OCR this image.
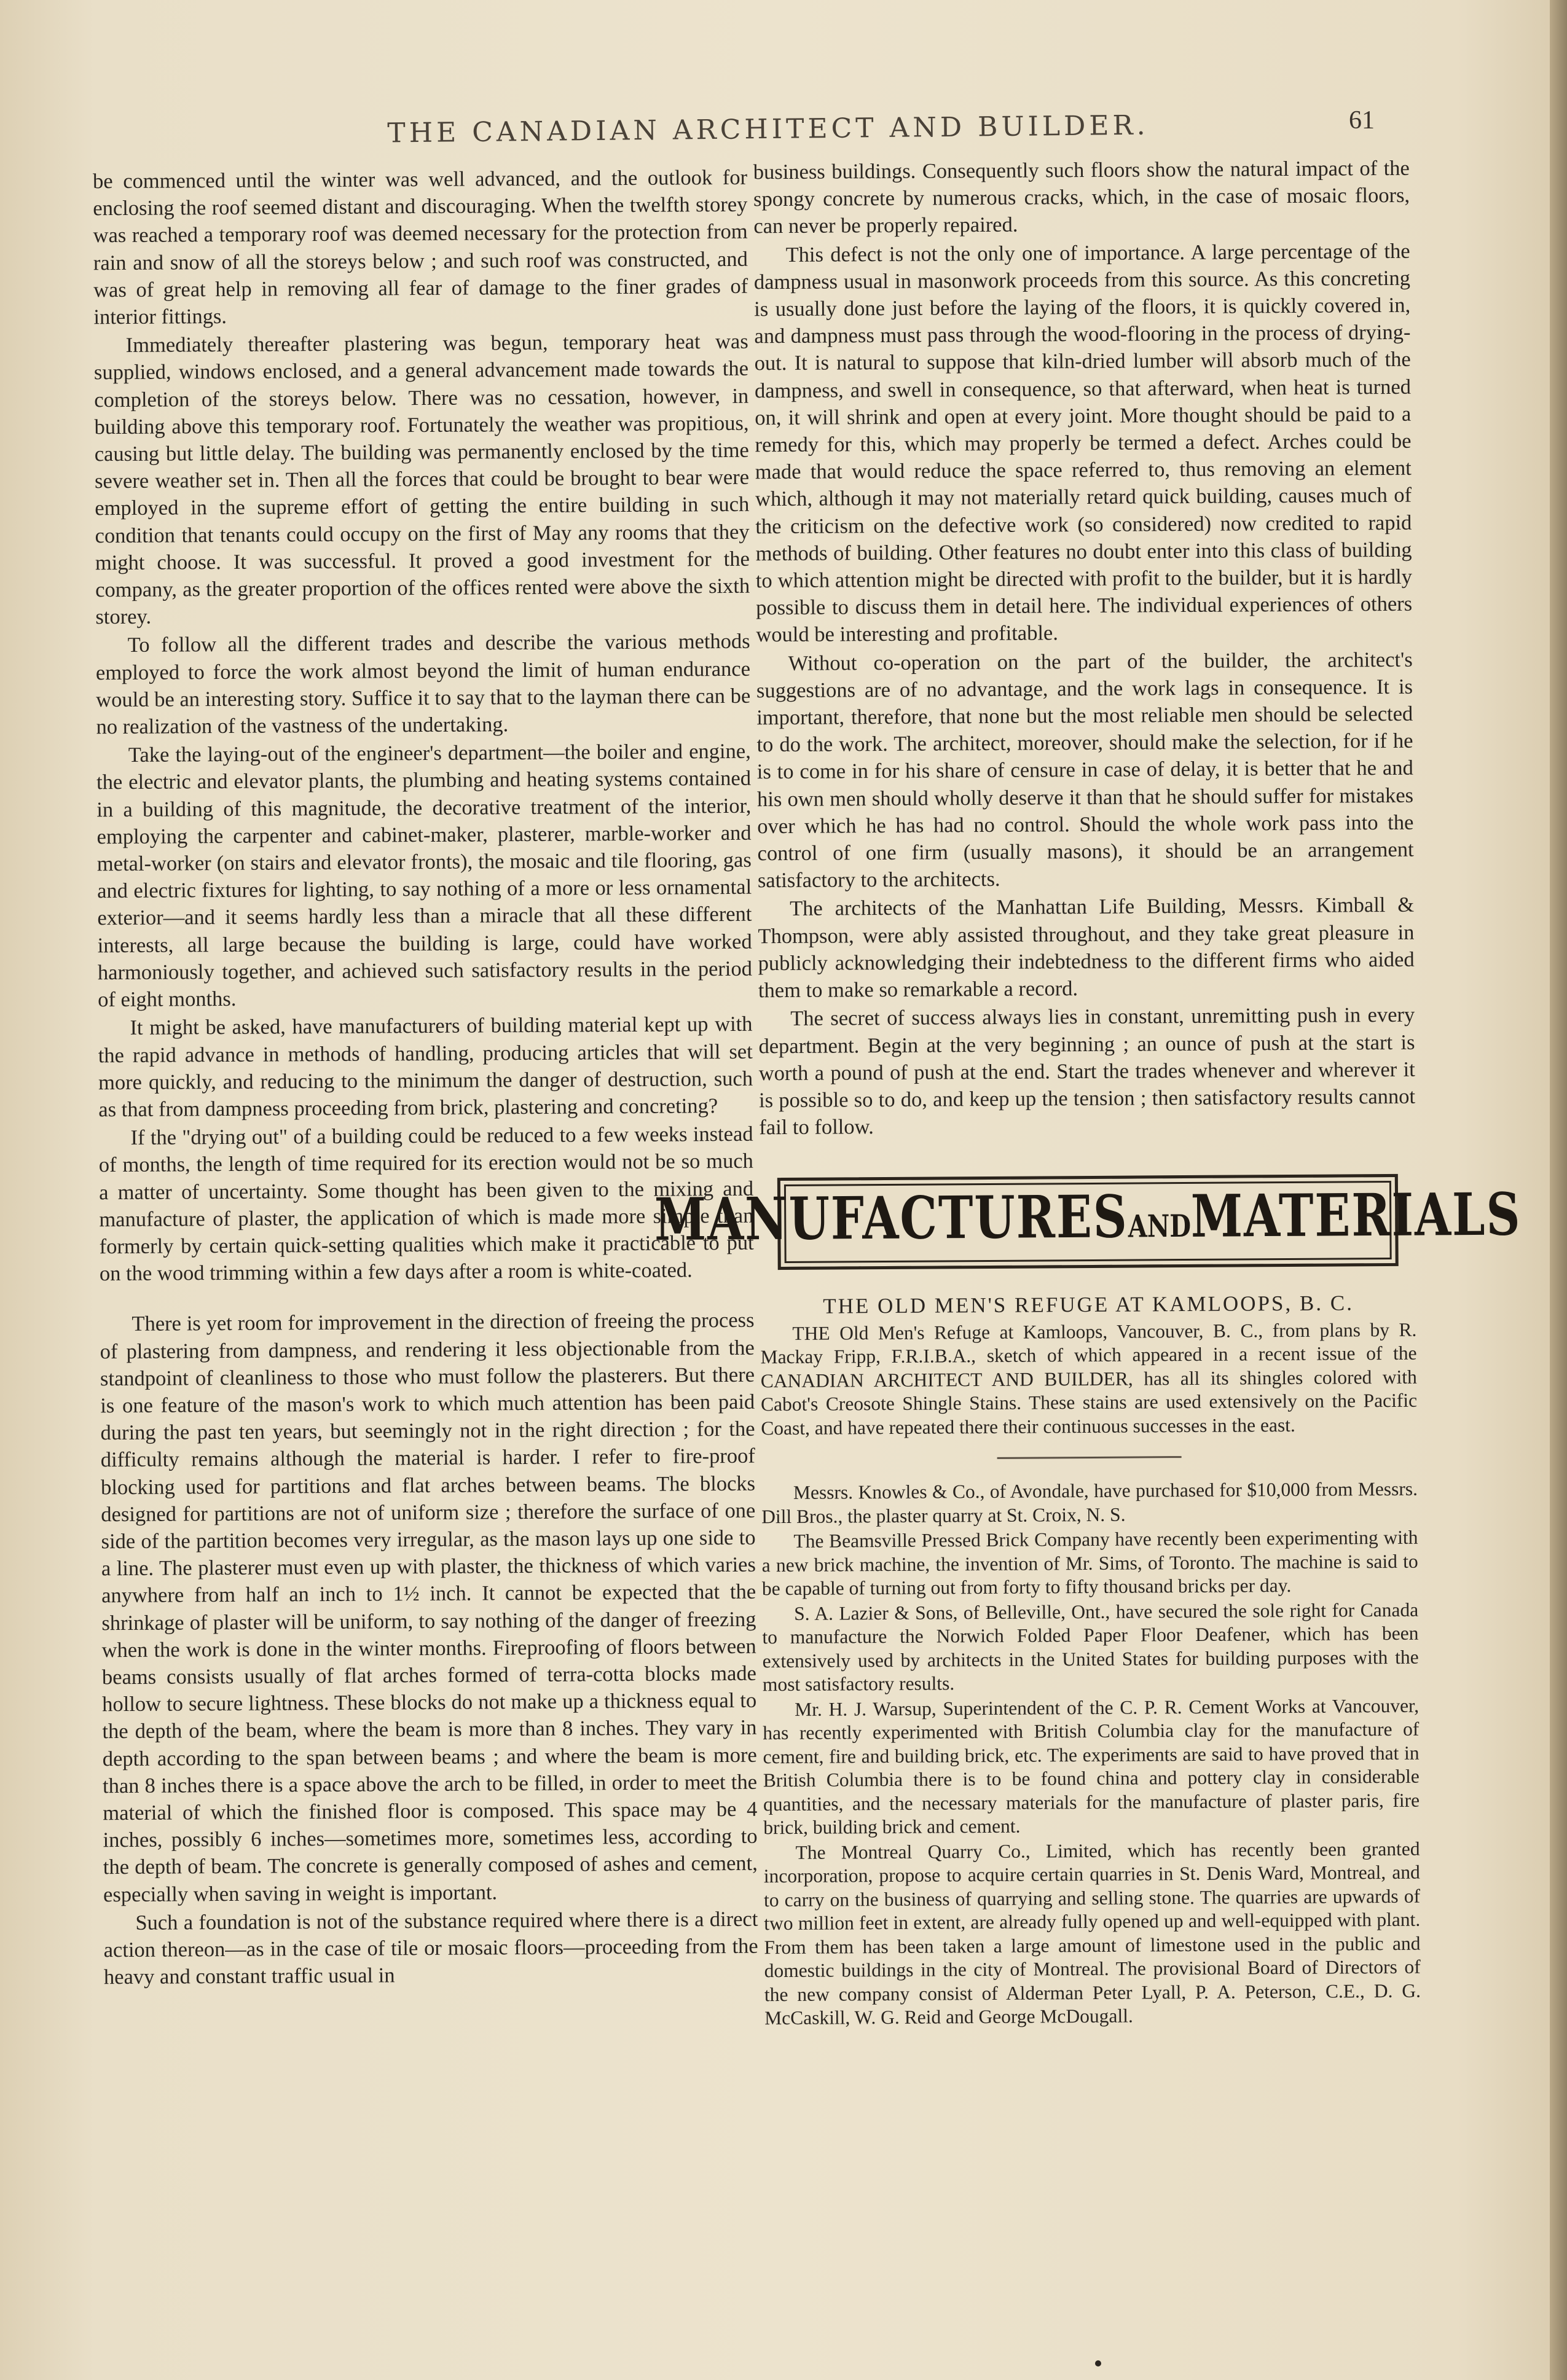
THE CANADIAN ARCHITECT AND BUILDER.	61

be commenced until the winter was well advanced, and the outlook for enclosing the roof seemed distant and discouraging. When the twelfth storey was reached a temporary roof was deemed necessary for the protection from rain and snow of all the storeys below ; and such roof was constructed, and was of great help in removing all fear of damage to the finer grades of interior fittings.

Immediately thereafter plastering was begun, temporary heat was supplied, windows enclosed, and a general advancement made towards the completion of the storeys below. There was no cessation, however, in building above this temporary roof. Fortunately the weather was propitious, causing but little delay. The building was permanently enclosed by the time severe weather set in. Then all the forces that could be brought to bear were employed in the supreme effort of getting the entire building in such condition that tenants could occupy on the first of May any rooms that they might choose. It was successful. It proved a good investment for the company, as the greater proportion of the offices rented were above the sixth storey.

To follow all the different trades and describe the various methods employed to force the work almost beyond the limit of human endurance would be an interesting story. Suffice it to say that to the layman there can be no realization of the vastness of the undertaking.

Take the laying-out of the engineer's department—the boiler and engine, the electric and elevator plants, the plumbing and heating systems contained in a building of this magnitude, the decorative treatment of the interior, employing the carpenter and cabinet-maker, plasterer, marble-worker and metal-worker (on stairs and elevator fronts), the mosaic and tile flooring, gas and electric fixtures for lighting, to say nothing of a more or less ornamental exterior—and it seems hardly less than a miracle that all these different interests, all large because the building is large, could have worked harmoniously together, and achieved such satisfactory results in the period of eight months.

It might be asked, have manufacturers of building material kept up with the rapid advance in methods of handling, producing articles that will set more quickly, and reducing to the minimum the danger of destruction, such as that from dampness proceeding from brick, plastering and concreting?

If the "drying out" of a building could be reduced to a few weeks instead of months, the length of time required for its erection would not be so much a matter of uncertainty. Some thought has been given to the mixing and manufacture of plaster, the application of which is made more simple than formerly by certain quick-setting qualities which make it practicable to put on the wood trimming within a few days after a room is white-coated.

There is yet room for improvement in the direction of freeing the process of plastering from dampness, and rendering it less objectionable from the standpoint of cleanliness to those who must follow the plasterers. But there is one feature of the mason's work to which much attention has been paid during the past ten years, but seemingly not in the right direction ; for the difficulty remains although the material is harder. I refer to fire-proof blocking used for partitions and flat arches between beams. The blocks designed for partitions are not of uniform size ; therefore the surface of one side of the partition becomes very irregular, as the mason lays up one side to a line. The plasterer must even up with plaster, the thickness of which varies anywhere from half an inch to 1½ inch. It cannot be expected that the shrinkage of plaster will be uniform, to say nothing of the danger of freezing when the work is done in the winter months. Fireproofing of floors between beams consists usually of flat arches formed of terra-cotta blocks made hollow to secure lightness. These blocks do not make up a thickness equal to the depth of the beam, where the beam is more than 8 inches. They vary in depth according to the span between beams ; and where the beam is more than 8 inches there is a space above the arch to be filled, in order to meet the material of which the finished floor is composed. This space may be 4 inches, possibly 6 inches—sometimes more, sometimes less, according to the depth of beam. The concrete is generally composed of ashes and cement, especially when saving in weight is important.

Such a foundation is not of the substance required where there is a direct action thereon—as in the case of tile or mosaic floors—proceeding from the heavy and constant traffic usual in

business buildings. Consequently such floors show the natural impact of the spongy concrete by numerous cracks, which, in the case of mosaic floors, can never be properly repaired.

This defect is not the only one of importance. A large percentage of the dampness usual in masonwork proceeds from this source. As this concreting is usually done just before the laying of the floors, it is quickly covered in, and dampness must pass through the wood-flooring in the process of drying-out. It is natural to suppose that kiln-dried lumber will absorb much of the dampness, and swell in consequence, so that afterward, when heat is turned on, it will shrink and open at every joint. More thought should be paid to a remedy for this, which may properly be termed a defect. Arches could be made that would reduce the space referred to, thus removing an element which, although it may not materially retard quick building, causes much of the criticism on the defective work (so considered) now credited to rapid methods of building. Other features no doubt enter into this class of building to which attention might be directed with profit to the builder, but it is hardly possible to discuss them in detail here. The individual experiences of others would be interesting and profitable.

Without co-operation on the part of the builder, the architect's suggestions are of no advantage, and the work lags in consequence. It is important, therefore, that none but the most reliable men should be selected to do the work. The architect, moreover, should make the selection, for if he is to come in for his share of censure in case of delay, it is better that he and his own men should wholly deserve it than that he should suffer for mistakes over which he has had no control. Should the whole work pass into the control of one firm (usually masons), it should be an arrangement satisfactory to the architects.

The architects of the Manhattan Life Building, Messrs. Kimball & Thompson, were ably assisted throughout, and they take great pleasure in publicly acknowledging their indebtedness to the different firms who aided them to make so remarkable a record.

The secret of success always lies in constant, unremitting push in every department. Begin at the very beginning ; an ounce of push at the start is worth a pound of push at the end. Start the trades whenever and wherever it is possible so to do, and keep up the tension ; then satisfactory results cannot fail to follow.

MANUFACTURESANDMATERIALS

THE OLD MEN'S REFUGE AT KAMLOOPS, B. C.

THE Old Men's Refuge at Kamloops, Vancouver, B. C., from plans by R. Mackay Fripp, F.R.I.B.A., sketch of which appeared in a recent issue of the CANADIAN ARCHITECT AND BUILDER, has all its shingles colored with Cabot's Creosote Shingle Stains. These stains are used extensively on the Pacific Coast, and have repeated there their continuous successes in the east.

Messrs. Knowles & Co., of Avondale, have purchased for $10,000 from Messrs. Dill Bros., the plaster quarry at St. Croix, N. S.

The Beamsville Pressed Brick Company have recently been experimenting with a new brick machine, the invention of Mr. Sims, of Toronto. The machine is said to be capable of turning out from forty to fifty thousand bricks per day.

S. A. Lazier & Sons, of Belleville, Ont., have secured the sole right for Canada to manufacture the Norwich Folded Paper Floor Deafener, which has been extensively used by architects in the United States for building purposes with the most satisfactory results.

Mr. H. J. Warsup, Superintendent of the C. P. R. Cement Works at Vancouver, has recently experimented with British Columbia clay for the manufacture of cement, fire and building brick, etc. The experiments are said to have proved that in British Columbia there is to be found china and pottery clay in considerable quantities, and the necessary materials for the manufacture of plaster paris, fire brick, building brick and cement.

The Montreal Quarry Co., Limited, which has recently been granted incorporation, propose to acquire certain quarries in St. Denis Ward, Montreal, and to carry on the business of quarrying and selling stone. The quarries are upwards of two million feet in extent, are already fully opened up and well-equipped with plant. From them has been taken a large amount of limestone used in the public and domestic buildings in the city of Montreal. The provisional Board of Directors of the new company consist of Alderman Peter Lyall, P. A. Peterson, C.E., D. G. McCaskill, W. G. Reid and George McDougall.
